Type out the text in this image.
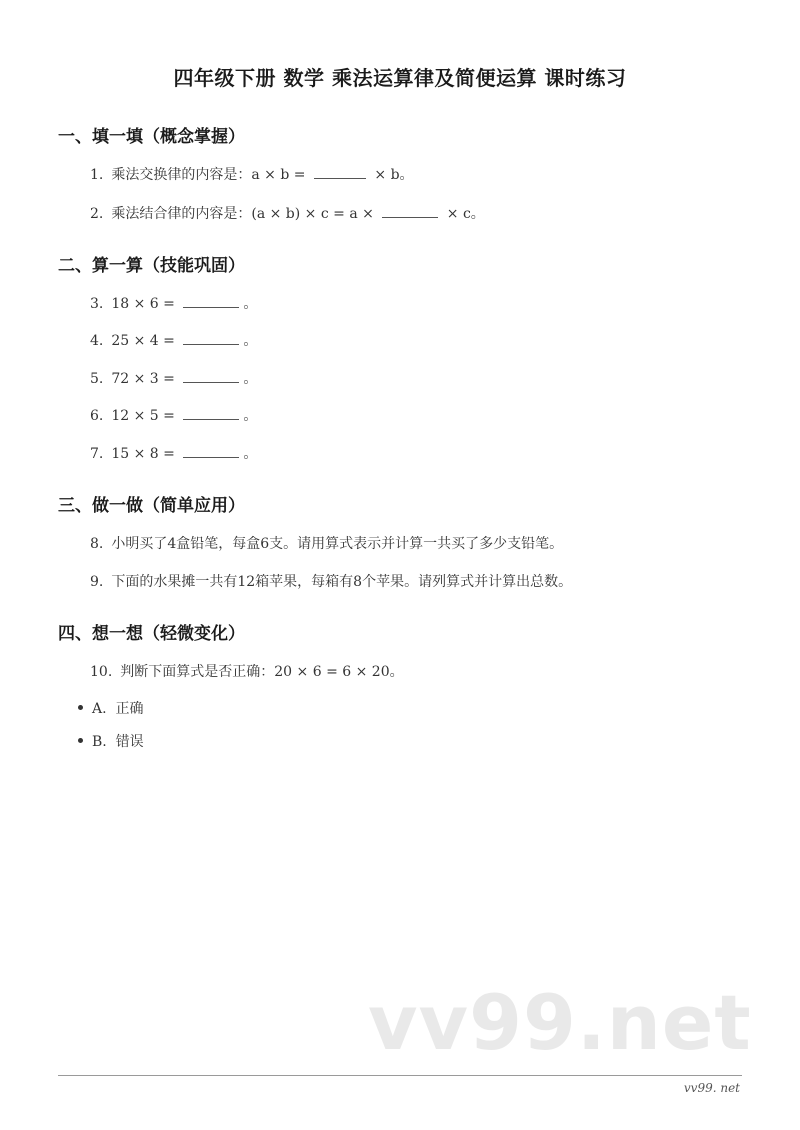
四年级下册 数学 乘法运算律及简便运算 课时练习
一、填一填（概念掌握）
1. 乘法交换律的内容是：a × b =	× b。
2. 乘法结合律的内容是：(a × b) × c = a ×	× c。
二、算一算（技能巩固）
3. 18 × 6 =	。
4. 25 × 4 =	。
5. 72 × 3 =	。
6. 12 × 5 =	。
7. 15 × 8 =	。
三、做一做（简单应用）
8. 小明买了4盒铅笔，每盒6支。请用算式表示并计算一共买了多少支铅笔。
9. 下面的水果摊一共有12箱苹果，每箱有8个苹果。请列算式并计算出总数。
四、想一想（轻微变化）
10. 判断下面算式是否正确：20 × 6 = 6 × 20。
A. 正确
B. 错误
vv99.net
vv99. net
